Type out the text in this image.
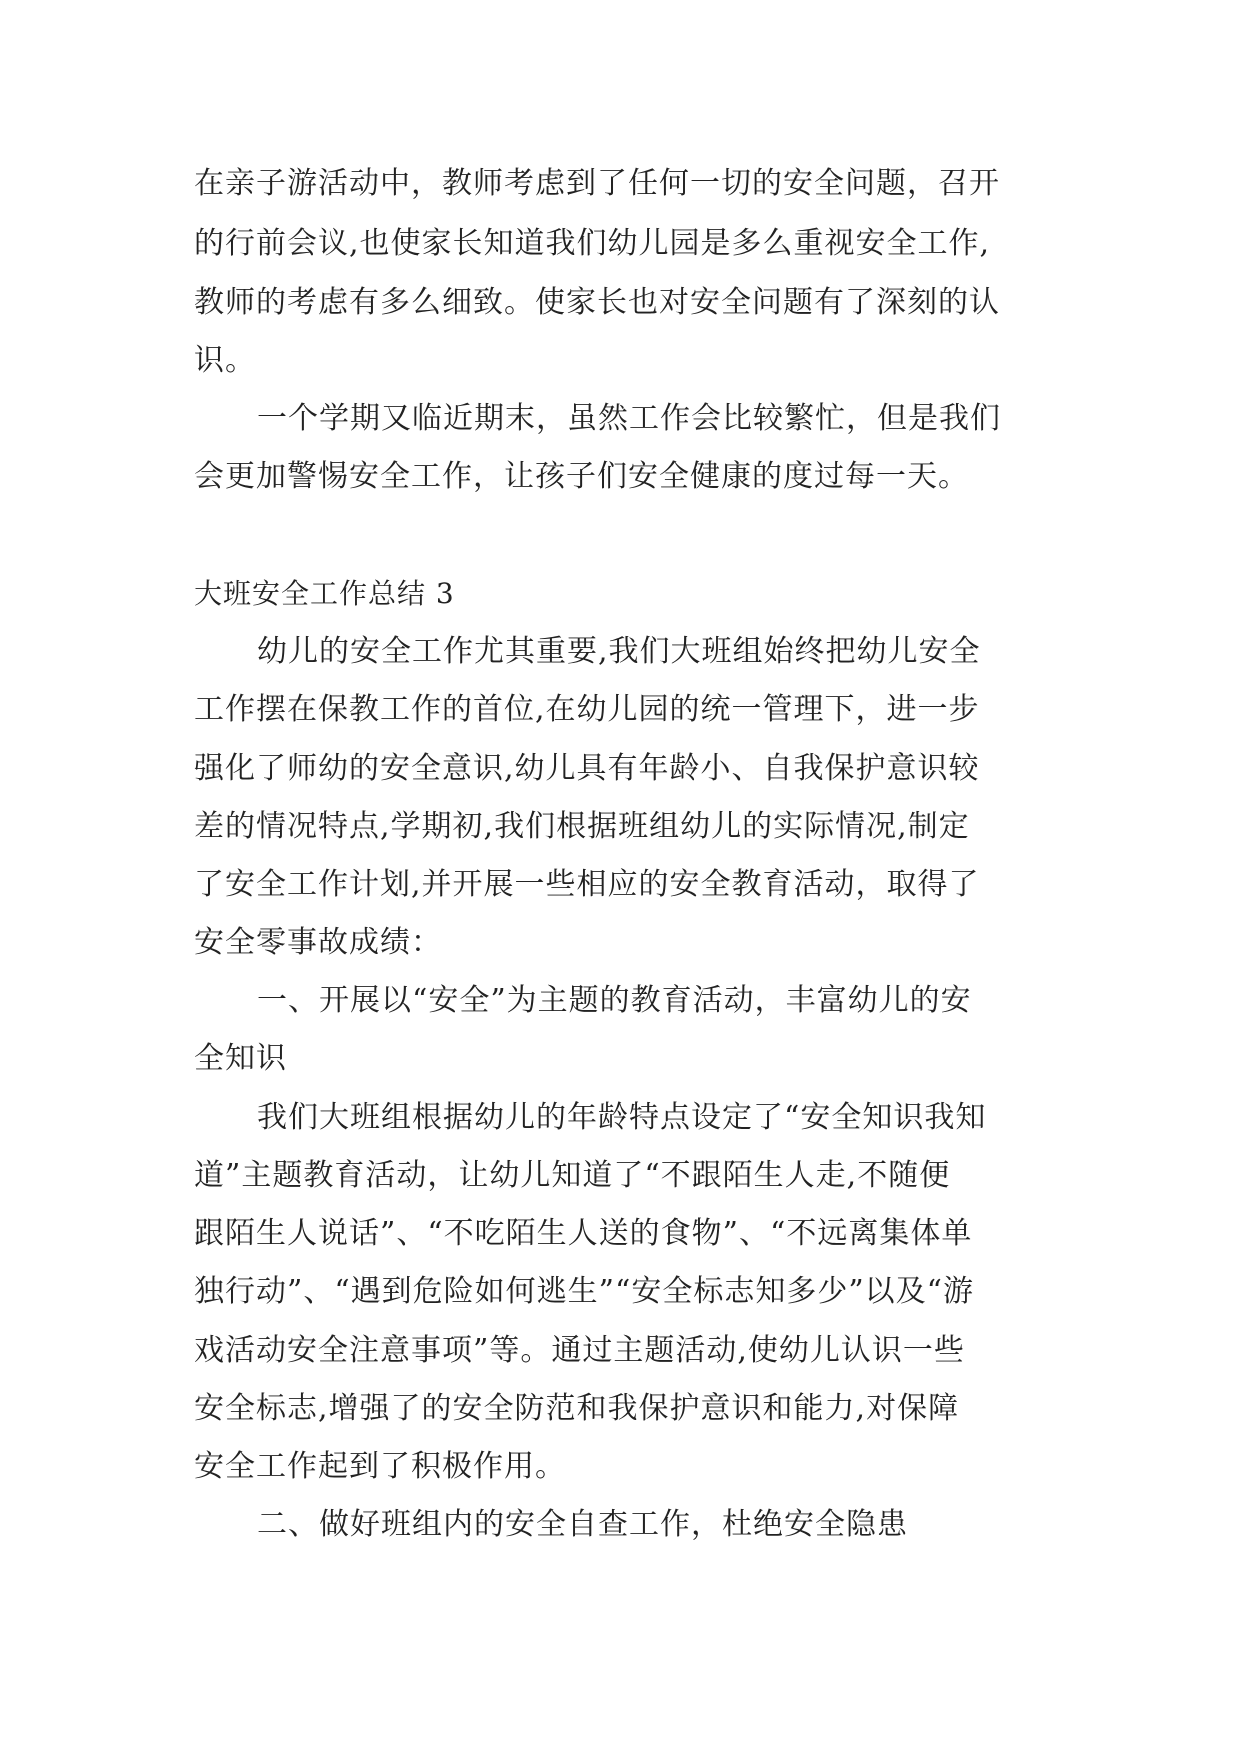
在亲子游活动中，教师考虑到了任何一切的安全问题，召开
的行前会议,也使家长知道我们幼儿园是多么重视安全工作,
教师的考虑有多么细致。使家长也对安全问题有了深刻的认
识。
一个学期又临近期末，虽然工作会比较繁忙，但是我们
会更加警惕安全工作，让孩子们安全健康的度过每一天。
大班安全工作总结 3
幼儿的安全工作尤其重要,我们大班组始终把幼儿安全
工作摆在保教工作的首位,在幼儿园的统一管理下，进一步
强化了师幼的安全意识,幼儿具有年龄小、自我保护意识较
差的情况特点,学期初,我们根据班组幼儿的实际情况,制定
了安全工作计划,并开展一些相应的安全教育活动，取得了
安全零事故成绩：
一、开展以“安全”为主题的教育活动，丰富幼儿的安
全知识
我们大班组根据幼儿的年龄特点设定了“安全知识我知
道”主题教育活动，让幼儿知道了“不跟陌生人走,不随便
跟陌生人说话”、“不吃陌生人送的食物”、“不远离集体单
独行动”、“遇到危险如何逃生”“安全标志知多少”以及“游
戏活动安全注意事项”等。通过主题活动,使幼儿认识一些
安全标志,增强了的安全防范和我保护意识和能力,对保障
安全工作起到了积极作用。
二、做好班组内的安全自查工作，杜绝安全隐患
